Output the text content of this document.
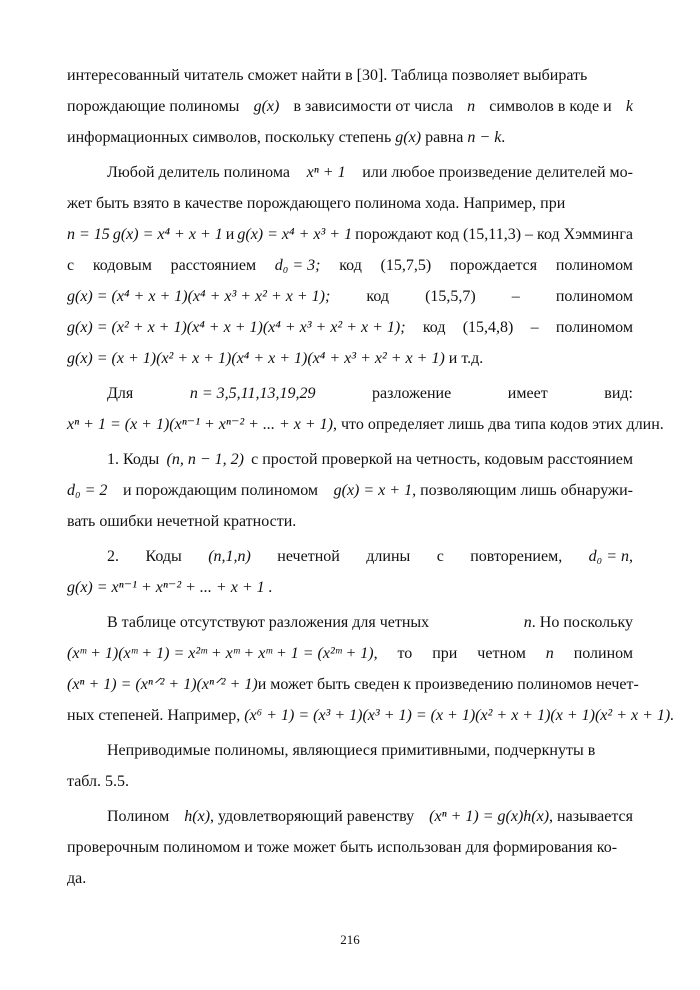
интересованный читатель сможет найти в [30]. Таблица позволяет выбирать
порождающие полиномы g(x) в зависимости от числа n символов в коде и k
информационных символов, поскольку степень
g(x)
равна
n − k .
Любой делитель полинома xⁿ + 1 или любое произведение делителей мо-
жет быть взято в качестве порождающего полинома хода. Например, при
n = 15 g(x) = x⁴ + x + 1 и g(x) = x⁴ + x³ + 1 порождают код (15,11,3) – код Хэмминга
с кодовым расстоянием d₀ = 3; код (15,7,5) порождается полиномом
g(x) = (x⁴ + x + 1)(x⁴ + x³ + x² + x + 1); код (15,5,7) – полиномом
g(x) = (x² + x + 1)(x⁴ + x + 1)(x⁴ + x³ + x² + x + 1); код (15,4,8) – полиномом
g(x) = (x + 1)(x² + x + 1)(x⁴ + x + 1)(x⁴ + x³ + x² + x + 1)
и т.д.
Для	n = 3,5,11,13,19,29	разложение	имеет	вид:
xⁿ + 1 = (x + 1)(xⁿ⁻¹ + xⁿ⁻² + ... + x + 1) , что определяет лишь два типа кодов этих длин.
1. Коды (n, n − 1, 2) с простой проверкой на четность, кодовым расстоянием
d₀ = 2 и порождающим полиномом g(x) = x + 1, позволяющим лишь обнаружи-
вать ошибки нечетной кратности.
2. Коды (n,1,n) нечетной длины с повторением, d₀ = n,
g(x) = xⁿ⁻¹ + xⁿ⁻² + ... + x + 1 .
В таблице отсутствуют разложения для четных	n. Но поскольку
(xᵐ + 1)(xᵐ + 1) = x²ᵐ + xᵐ + xᵐ + 1 = (x²ᵐ + 1), то при четном n полином
(xⁿ + 1) = (xⁿᐟ² + 1)(xⁿᐟ² + 1) и может быть сведен к произведению полиномов нечет-
ных степеней. Например,
(x⁶ + 1) = (x³ + 1)(x³ + 1) = (x + 1)(x² + x + 1)(x + 1)(x² + x + 1).
Неприводимые полиномы, являющиеся примитивными, подчеркнуты в
табл. 5.5.
Полином h(x), удовлетворяющий равенству (xⁿ + 1) = g(x)h(x), называется
проверочным полиномом и тоже может быть использован для формирования ко-
да.
216
